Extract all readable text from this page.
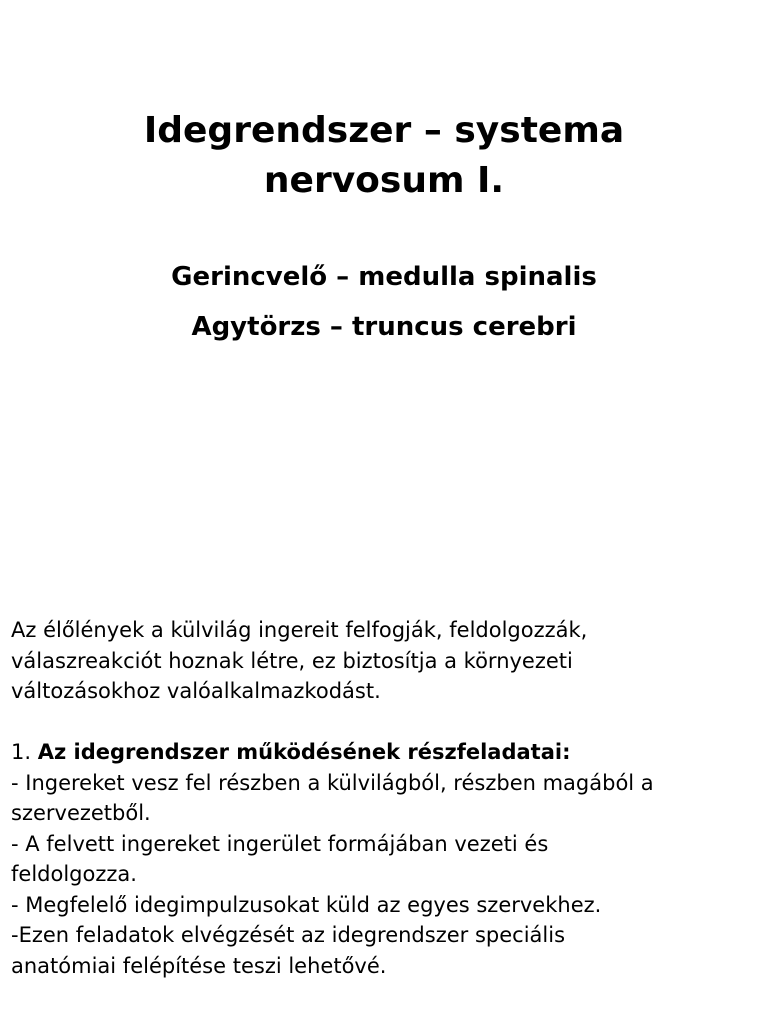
Idegrendszer – systema
nervosum I.
Gerincvelő – medulla spinalis
Agytörzs – truncus cerebri
Az élőlények a külvilág ingereit felfogják, feldolgozzák,
válaszreakciót hoznak létre, ez biztosítja a környezeti
változásokhoz valóalkalmazkodást.
1. Az idegrendszer működésének részfeladatai:
- Ingereket vesz fel részben a külvilágból, részben magából a
szervezetből.
- A felvett ingereket ingerület formájában vezeti és
feldolgozza.
- Megfelelő idegimpulzusokat küld az egyes szervekhez.
-Ezen feladatok elvégzését az idegrendszer speciális
anatómiai felépítése teszi lehetővé.
